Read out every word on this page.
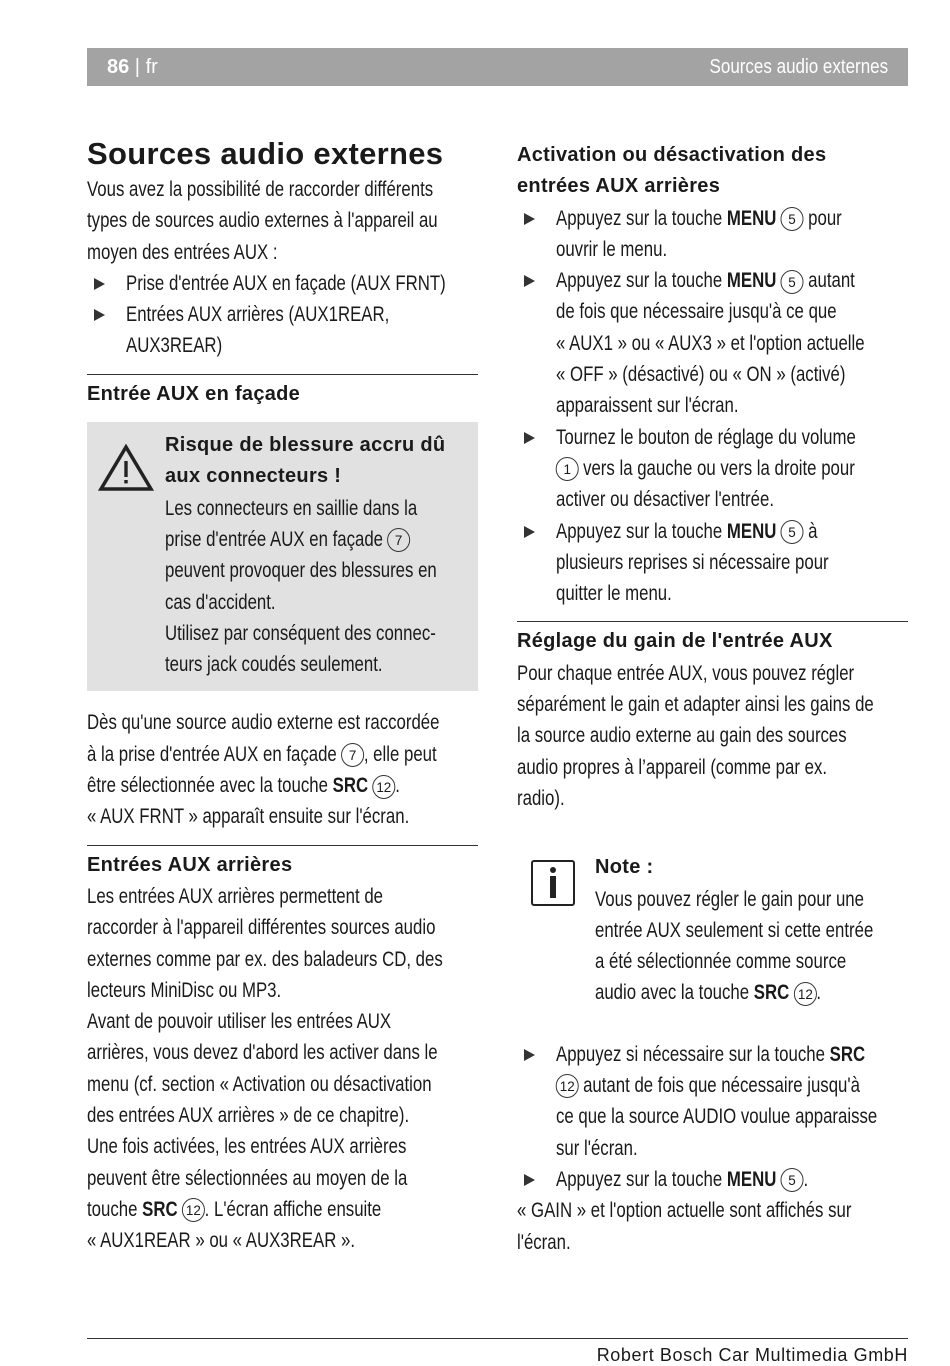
86 | fr	Sources audio externes
Sources audio externes
Vous avez la possibilité de raccorder différents
types de sources audio externes à l'appareil au
moyen des entrées AUX :
Prise d'entrée AUX en façade (AUX FRNT)
Entrées AUX arrières (AUX1REAR,
AUX3REAR)
Entrée AUX en façade
Risque de blessure accru dû
aux connecteurs !
Les connecteurs en saillie dans la
prise d'entrée AUX en façade 7
peuvent provoquer des blessures en
cas d'accident.
Utilisez par conséquent des connec-
teurs jack coudés seulement.
Dès qu'une source audio externe est raccordée
à la prise d'entrée AUX en façade 7 , elle peut
être sélectionnée avec la touche SRC 12 .
« AUX FRNT » apparaît ensuite sur l'écran.
Entrées AUX arrières
Les entrées AUX arrières permettent de
raccorder à l'appareil différentes sources audio
externes comme par ex. des baladeurs CD, des
lecteurs MiniDisc ou MP3.
Avant de pouvoir utiliser les entrées AUX
arrières, vous devez d'abord les activer dans le
menu (cf. section « Activation ou désactivation
des entrées AUX arrières » de ce chapitre).
Une fois activées, les entrées AUX arrières
peuvent être sélectionnées au moyen de la
touche SRC 12 . L'écran affiche ensuite
« AUX1REAR » ou « AUX3REAR ».
Activation ou désactivation des
entrées AUX arrières
Appuyez sur la touche MENU 5 pour
ouvrir le menu.
Appuyez sur la touche MENU 5 autant
de fois que nécessaire jusqu'à ce que
« AUX1 » ou « AUX3 » et l'option actuelle
« OFF » (désactivé) ou « ON » (activé)
apparaissent sur l'écran.
Tournez le bouton de réglage du volume
1 vers la gauche ou vers la droite pour
activer ou désactiver l'entrée.
Appuyez sur la touche MENU 5 à
plusieurs reprises si nécessaire pour
quitter le menu.
Réglage du gain de l'entrée AUX
Pour chaque entrée AUX, vous pouvez régler
séparément le gain et adapter ainsi les gains de
la source audio externe au gain des sources
audio propres à l’appareil (comme par ex.
radio).
Note :
Vous pouvez régler le gain pour une
entrée AUX seulement si cette entrée
a été sélectionnée comme source
audio avec la touche SRC 12 .
Appuyez si nécessaire sur la touche SRC
12 autant de fois que nécessaire jusqu'à
ce que la source AUDIO voulue apparaisse
sur l'écran.
Appuyez sur la touche MENU 5 .
« GAIN » et l'option actuelle sont affichés sur
l'écran.
Robert Bosch Car Multimedia GmbH
